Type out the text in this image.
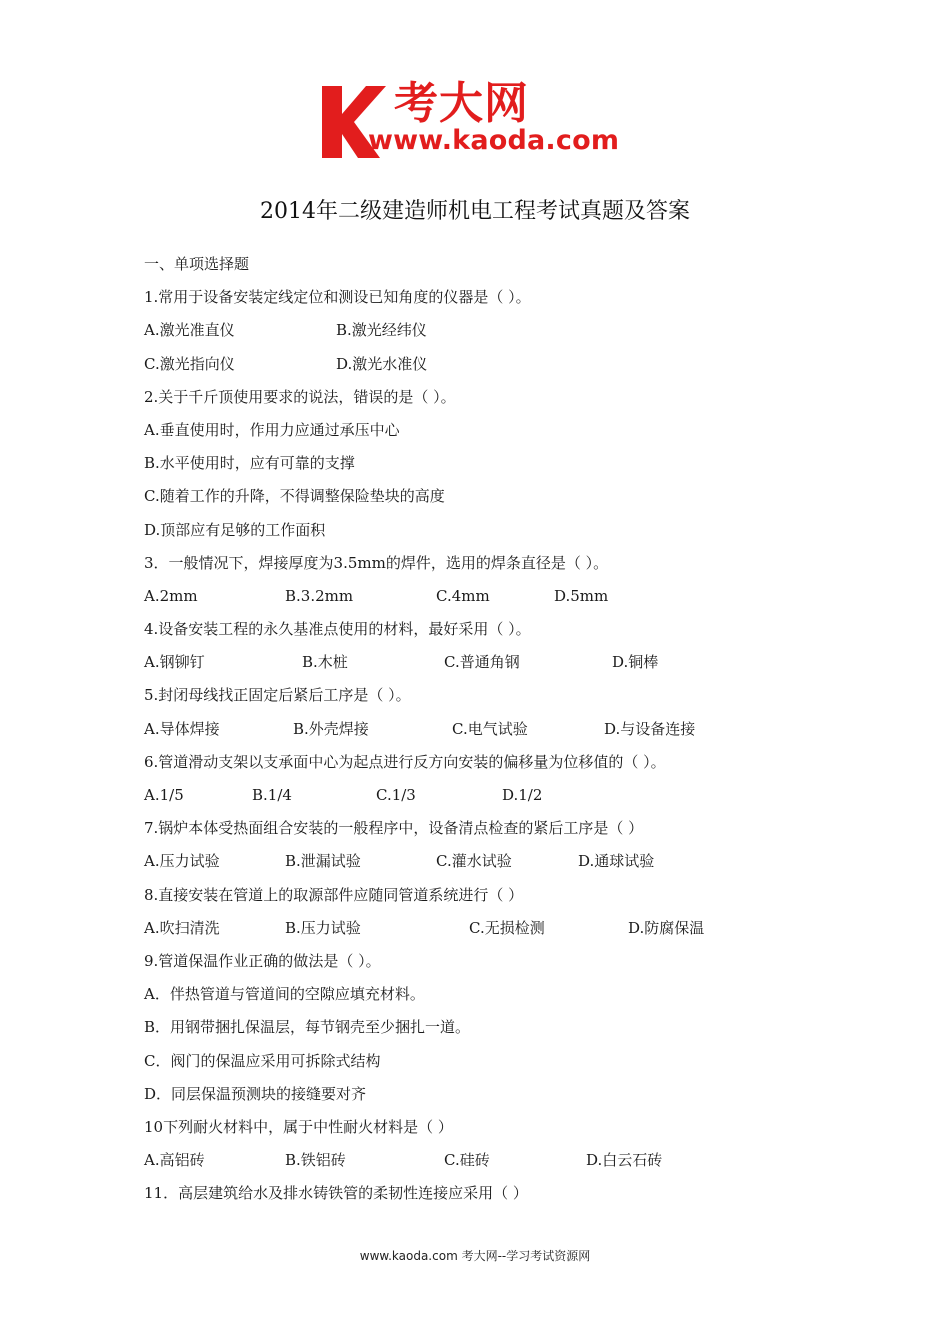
考大网
www.kaoda.com
2014年二级建造师机电工程考试真题及答案
一、单项选择题
1.常用于设备安装定线定位和测设已知角度的仪器是（ ）。
A.激光准直仪	B.激光经纬仪
C.激光指向仪	D.激光水准仪
2.关于千斤顶使用要求的说法，错误的是（ ）。
A.垂直使用时，作用力应通过承压中心
B.水平使用时，应有可靠的支撑
C.随着工作的升降，不得调整保险垫块的高度
D.顶部应有足够的工作面积
3．一般情况下，焊接厚度为3.5mm的焊件，选用的焊条直径是（ ）。
A.2mm	B.3.2mm	C.4mm	D.5mm
4.设备安装工程的永久基准点使用的材料，最好采用（ ）。
A.钢铆钉	B.木桩	C.普通角钢	D.铜棒
5.封闭母线找正固定后紧后工序是（ ）。
A.导体焊接	B.外壳焊接	C.电气试验	D.与设备连接
6.管道滑动支架以支承面中心为起点进行反方向安装的偏移量为位移值的（ ）。
A.1/5	B.1/4	C.1/3	D.1/2
7.锅炉本体受热面组合安装的一般程序中，设备清点检查的紧后工序是（ ）
A.压力试验	B.泄漏试验	C.灌水试验	D.通球试验
8.直接安装在管道上的取源部件应随同管道系统进行（ ）
A.吹扫清洗	B.压力试验	C.无损检测	D.防腐保温
9.管道保温作业正确的做法是（ ）。
A．伴热管道与管道间的空隙应填充材料。
B．用钢带捆扎保温层，每节钢壳至少捆扎一道。
C．阀门的保温应采用可拆除式结构
D．同层保温预测块的接缝要对齐
10下列耐火材料中，属于中性耐火材料是（ ）
A.高铝砖	B.铁铝砖	C.硅砖	D.白云石砖
11．高层建筑给水及排水铸铁管的柔韧性连接应采用（ ）
www.kaoda.com 考大网--学习考试资源网
